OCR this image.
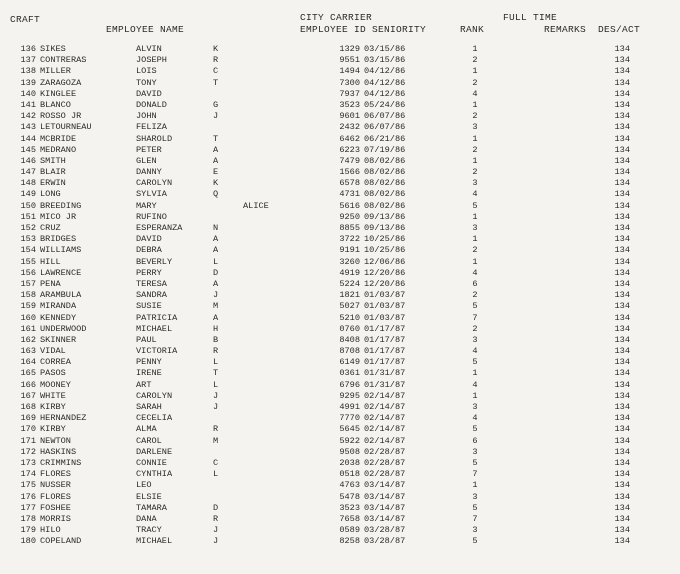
CRAFT
EMPLOYEE NAME
CITY CARRIER
EMPLOYEE ID SENIORITY	RANK
FULL TIME
REMARKS DES/ACT
136 SIKES	ALVIN	K	1329 03/15/86	1	134
137 CONTRERAS	JOSEPH	R	9551 03/15/86	2	134
138 MILLER	LOIS	C	1494 04/12/86	1	134
139 ZARAGOZA	TONY	T	7300 04/12/86	2	134
140 KINGLEE	DAVID	7937 04/12/86	4	134
141 BLANCO	DONALD	G	3523 05/24/86	1	134
142 ROSSO JR	JOHN	J	9601 06/07/86	2	134
143 LETOURNEAU	FELIZA	2432 06/07/86	3	134
144 MCBRIDE	SHAROLD	T	6462 06/21/86	1	134
145 MEDRANO	PETER	A	6223 07/19/86	2	134
146 SMITH	GLEN	A	7479 08/02/86	1	134
147 BLAIR	DANNY	E	1566 08/02/86	2	134
148 ERWIN	CAROLYN	K	6578 08/02/86	3	134
149 LONG	SYLVIA	Q	4731 08/02/86	4	134
150 BREEDING	MARY	ALICE	5616 08/02/86	5	134
151 MICO JR	RUFINO	9250 09/13/86	1	134
152 CRUZ	ESPERANZA	N	8855 09/13/86	3	134
153 BRIDGES	DAVID	A	3722 10/25/86	1	134
154 WILLIAMS	DEBRA	A	9191 10/25/86	2	134
155 HILL	BEVERLY	L	3260 12/06/86	1	134
156 LAWRENCE	PERRY	D	4919 12/20/86	4	134
157 PENA	TERESA	A	5224 12/20/86	6	134
158 ARAMBULA	SANDRA	J	1821 01/03/87	2	134
159 MIRANDA	SUSIE	M	5027 01/03/87	5	134
160 KENNEDY	PATRICIA	A	5210 01/03/87	7	134
161 UNDERWOOD	MICHAEL	H	0760 01/17/87	2	134
162 SKINNER	PAUL	B	8408 01/17/87	3	134
163 VIDAL	VICTORIA	R	8708 01/17/87	4	134
164 CORREA	PENNY	L	6149 01/17/87	5	134
165 PASOS	IRENE	T	0361 01/31/87	1	134
166 MOONEY	ART	L	6796 01/31/87	4	134
167 WHITE	CAROLYN	J	9295 02/14/87	1	134
168 KIRBY	SARAH	J	4991 02/14/87	3	134
169 HERNANDEZ	CECELIA	7770 02/14/87	4	134
170 KIRBY	ALMA	R	5645 02/14/87	5	134
171 NEWTON	CAROL	M	5922 02/14/87	6	134
172 HASKINS	DARLENE	9508 02/28/87	3	134
173 CRIMMINS	CONNIE	C	2038 02/28/87	5	134
174 FLORES	CYNTHIA	L	0518 02/28/87	7	134
175 NUSSER	LEO	4763 03/14/87	1	134
176 FLORES	ELSIE	5478 03/14/87	3	134
177 FOSHEE	TAMARA	D	3523 03/14/87	5	134
178 MORRIS	DANA	R	7658 03/14/87	7	134
179 HILO	TRACY	J	0589 03/28/87	3	134
180 COPELAND	MICHAEL	J	8258 03/28/87	5	134
